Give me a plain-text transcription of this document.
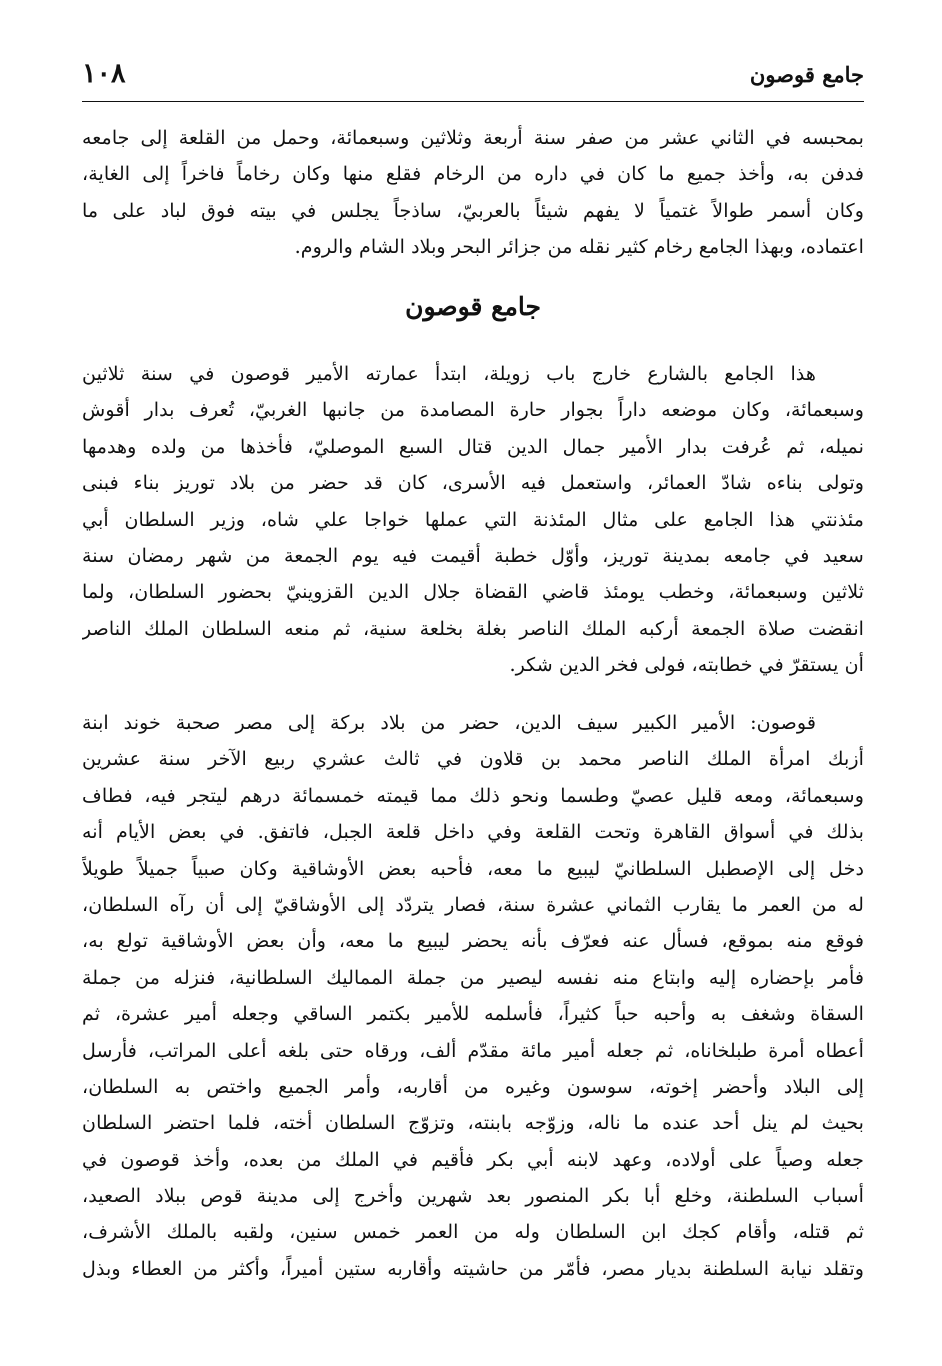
١٠٨	جامع قوصون
بمحبسه في الثاني عشر من صفر سنة أربعة وثلاثين وسبعمائة، وحمل من القلعة إلى جامعه
فدفن به، وأخذ جميع ما كان في داره من الرخام فقلع منها وكان رخاماً فاخراً إلى الغاية،
وكان أسمر طوالاً غتمياً لا يفهم شيئاً بالعربيّ، ساذجاً يجلس في بيته فوق لباد على ما
اعتماده، وبهذا الجامع رخام كثير نقله من جزائر البحر وبلاد الشام والروم.
جامع قوصون
هذا الجامع بالشارع خارج باب زويلة، ابتدأ عمارته الأمير قوصون في سنة ثلاثين
وسبعمائة، وكان موضعه داراً بجوار حارة المصامدة من جانبها الغربيّ، تُعرف بدار أقوش
نميله، ثم عُرفت بدار الأمير جمال الدين قتال السبع الموصليّ، فأخذها من ولده وهدمها
وتولى بناءه شادّ العمائر، واستعمل فيه الأسرى، كان قد حضر من بلاد توريز بناء فبنى
مئذنتي هذا الجامع على مثال المئذنة التي عملها خواجا علي شاه، وزير السلطان أبي
سعيد في جامعه بمدينة توريز، وأوّل خطبة أقيمت فيه يوم الجمعة من شهر رمضان سنة
ثلاثين وسبعمائة، وخطب يومئذ قاضي القضاة جلال الدين القزوينيّ بحضور السلطان، ولما
انقضت صلاة الجمعة أركبه الملك الناصر بغلة بخلعة سنية، ثم منعه السلطان الملك الناصر
أن يستقرّ في خطابته، فولى فخر الدين شكر.
قوصون: الأمير الكبير سيف الدين، حضر من بلاد بركة إلى مصر صحبة خوند ابنة
أزبك امرأة الملك الناصر محمد بن قلاون في ثالث عشري ربيع الآخر سنة عشرين
وسبعمائة، ومعه قليل عصيّ وطسما ونحو ذلك مما قيمته خمسمائة درهم ليتجر فيه، فطاف
بذلك في أسواق القاهرة وتحت القلعة وفي داخل قلعة الجبل، فاتفق. في بعض الأيام أنه
دخل إلى الإصطبل السلطانيّ ليبيع ما معه، فأحبه بعض الأوشاقية وكان صبياً جميلاً طويلاً
له من العمر ما يقارب الثماني عشرة سنة، فصار يتردّد إلى الأوشاقيّ إلى أن رآه السلطان،
فوقع منه بموقع، فسأل عنه فعرّف بأنه يحضر ليبيع ما معه، وأن بعض الأوشاقية تولع به،
فأمر بإحضاره إليه وابتاع منه نفسه ليصير من جملة المماليك السلطانية، فنزله من جملة
السقاة وشغف به وأحبه حباً كثيراً، فأسلمه للأمير بكتمر الساقي وجعله أمير عشرة، ثم
أعطاه أمرة طبلخاناه، ثم جعله أمير مائة مقدّم ألف، ورقاه حتى بلغه أعلى المراتب، فأرسل
إلى البلاد وأحضر إخوته، سوسون وغيره من أقاربه، وأمر الجميع واختص به السلطان،
بحيث لم ينل أحد عنده ما ناله، وزوّجه بابنته، وتزوّج السلطان أخته، فلما احتضر السلطان
جعله وصياً على أولاده، وعهد لابنه أبي بكر فأقيم في الملك من بعده، وأخذ قوصون في
أسباب السلطنة، وخلع أبا بكر المنصور بعد شهرين وأخرج إلى مدينة قوص ببلاد الصعيد،
ثم قتله، وأقام كجك ابن السلطان وله من العمر خمس سنين، ولقبه بالملك الأشرف،
وتقلد نيابة السلطنة بديار مصر، فأمّر من حاشيته وأقاربه ستين أميراً، وأكثر من العطاء وبذل
